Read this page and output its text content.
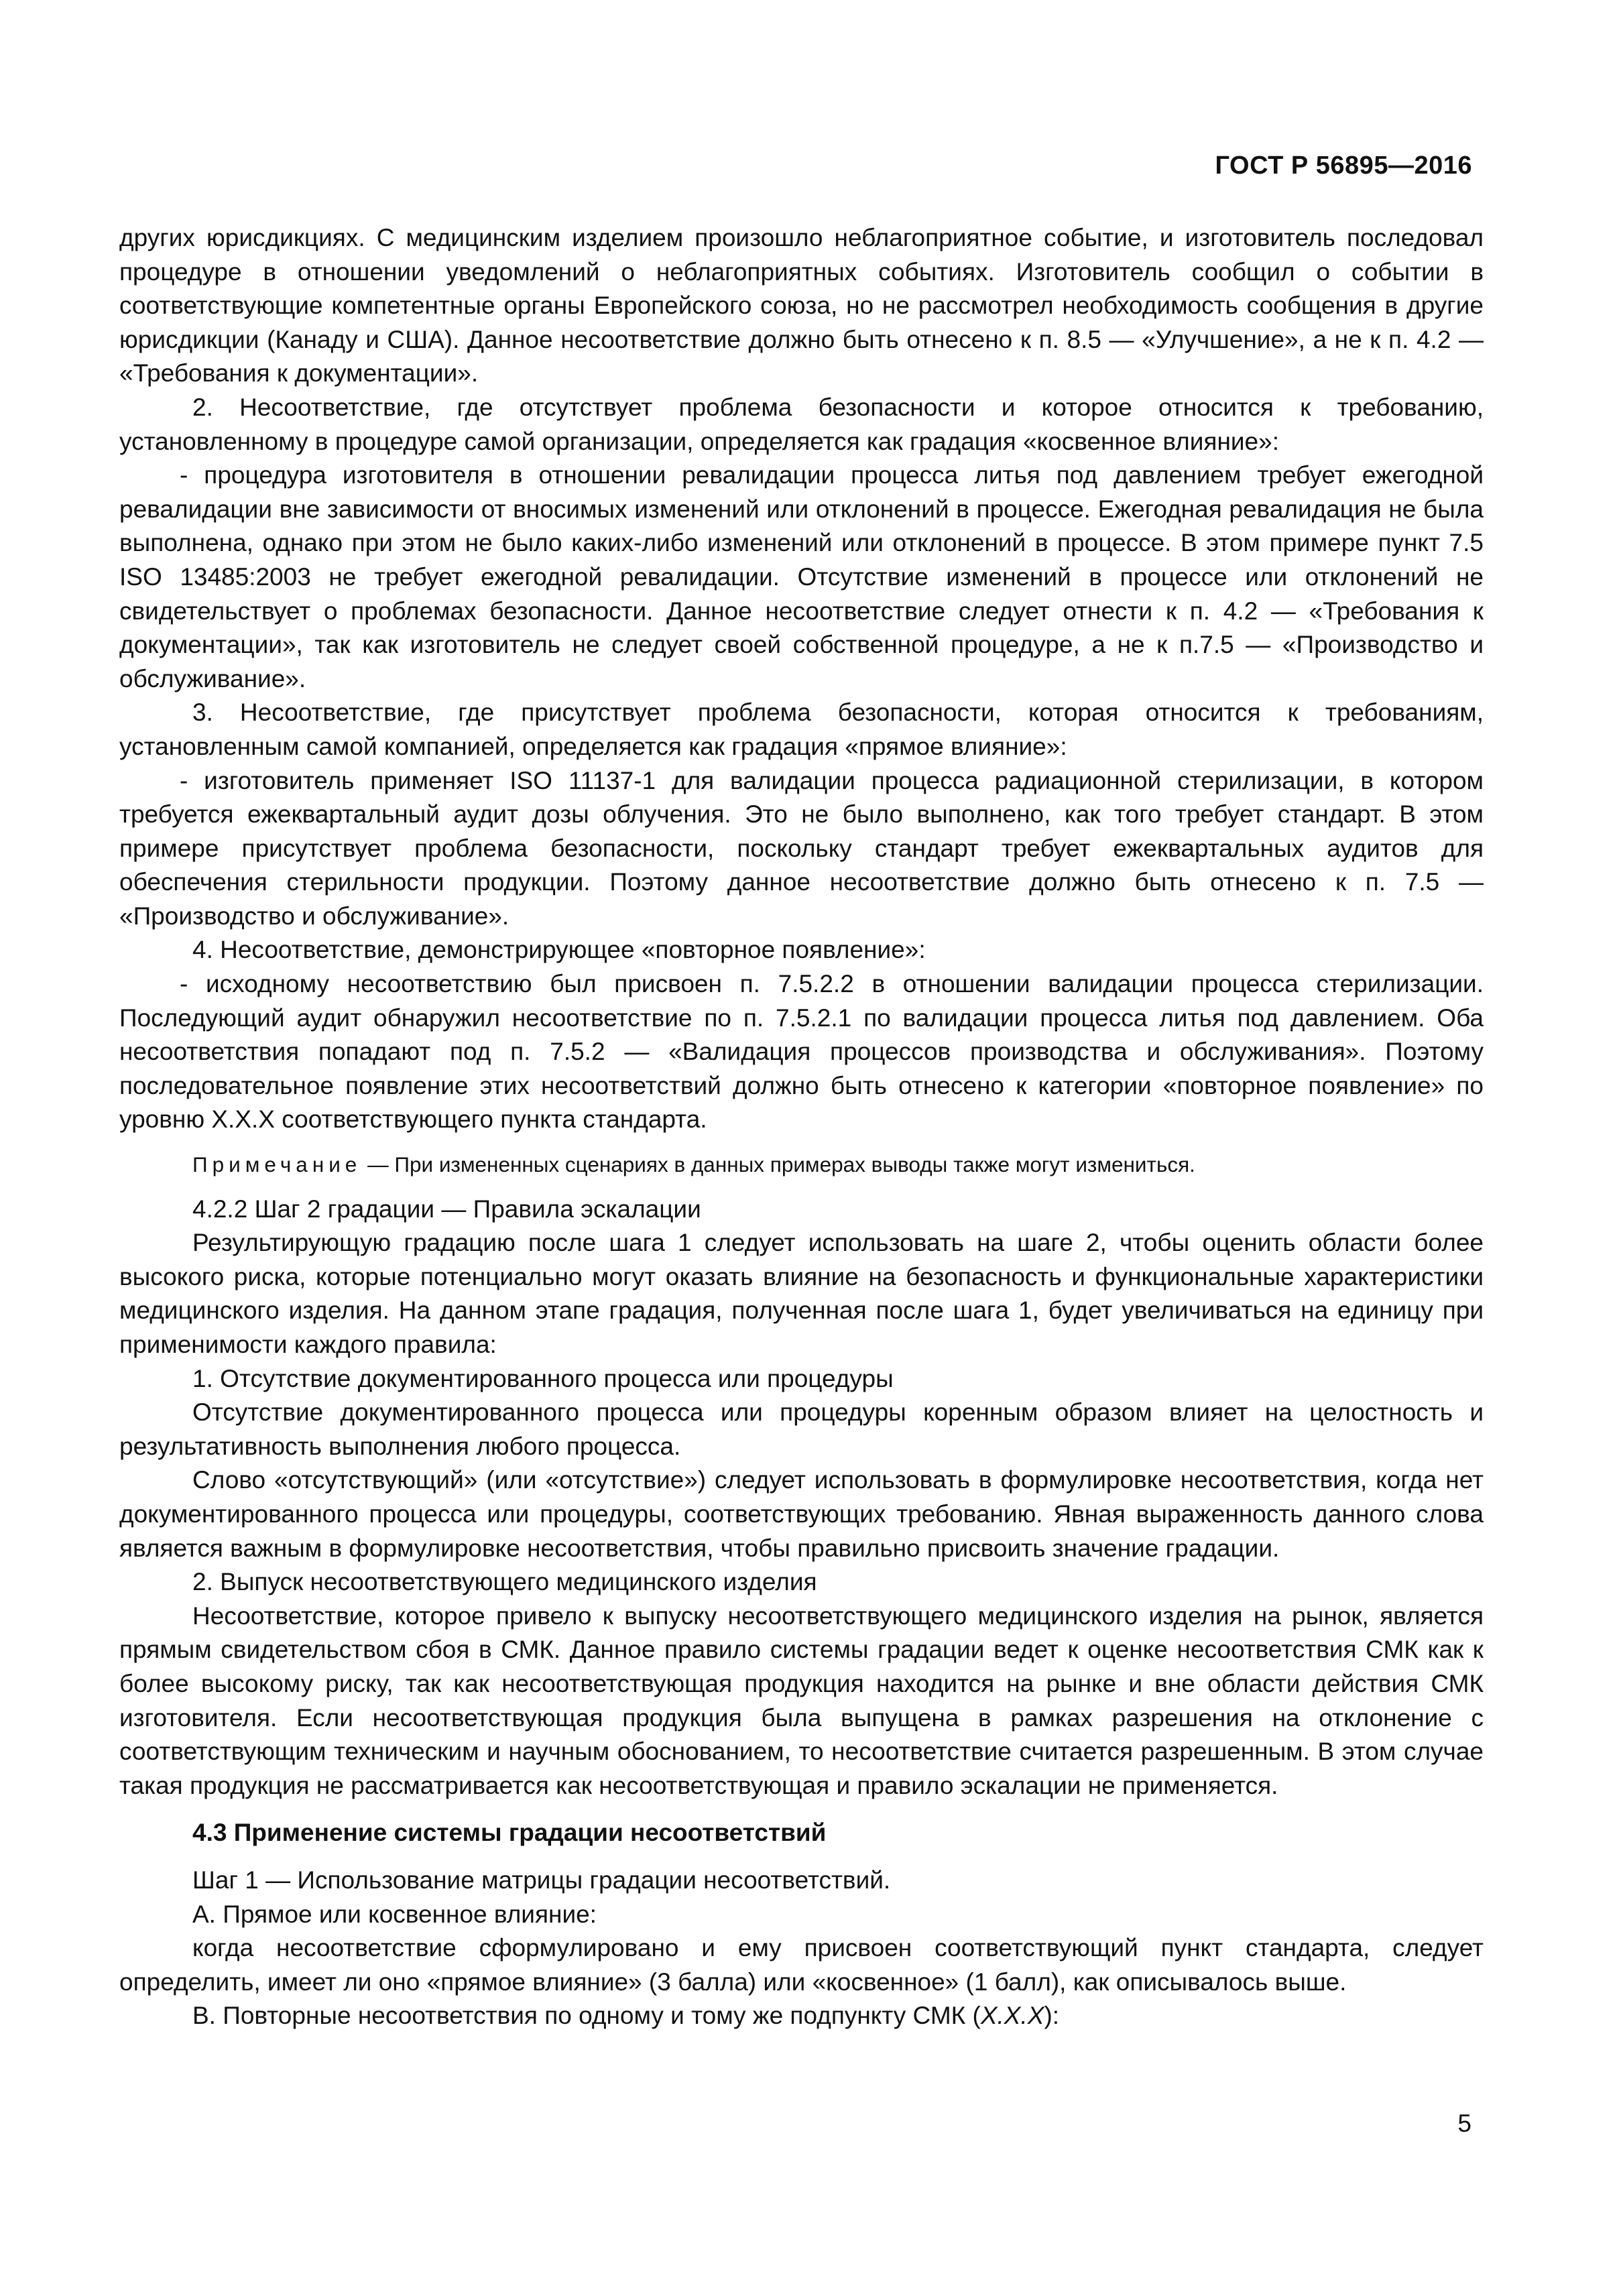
ГОСТ Р 56895—2016

других юрисдикциях. С медицинским изделием произошло неблагоприятное событие, и изготовитель последовал процедуре в отношении уведомлений о неблагоприятных событиях. Изготовитель сообщил о событии в соответствующие компетентные органы Европейского союза, но не рассмотрел необходимость сообщения в другие юрисдикции (Канаду и США). Данное несоответствие должно быть отнесено к п. 8.5 — «Улучшение», а не к п. 4.2 — «Требования к документации».

2. Несоответствие, где отсутствует проблема безопасности и которое относится к требованию, установленному в процедуре самой организации, определяется как градация «косвенное влияние»:

- процедура изготовителя в отношении ревалидации процесса литья под давлением требует ежегодной ревалидации вне зависимости от вносимых изменений или отклонений в процессе. Ежегодная ревалидация не была выполнена, однако при этом не было каких-либо изменений или отклонений в процессе. В этом примере пункт 7.5 ISO 13485:2003 не требует ежегодной ревалидации. Отсутствие изменений в процессе или отклонений не свидетельствует о проблемах безопасности. Данное несоответствие следует отнести к п. 4.2 — «Требования к документации», так как изготовитель не следует своей собственной процедуре, а не к п.7.5 — «Производство и обслуживание».

3. Несоответствие, где присутствует проблема безопасности, которая относится к требованиям, установленным самой компанией, определяется как градация «прямое влияние»:

- изготовитель применяет ISO 11137-1 для валидации процесса радиационной стерилизации, в котором требуется ежеквартальный аудит дозы облучения. Это не было выполнено, как того требует стандарт. В этом примере присутствует проблема безопасности, поскольку стандарт требует ежеквартальных аудитов для обеспечения стерильности продукции. Поэтому данное несоответствие должно быть отнесено к п. 7.5 — «Производство и обслуживание».

4. Несоответствие, демонстрирующее «повторное появление»:

- исходному несоответствию был присвоен п. 7.5.2.2 в отношении валидации процесса стерилизации. Последующий аудит обнаружил несоответствие по п. 7.5.2.1 по валидации процесса литья под давлением. Оба несоответствия попадают под п. 7.5.2 — «Валидация процессов производства и обслуживания». Поэтому последовательное появление этих несоответствий должно быть отнесено к категории «повторное появление» по уровню Х.Х.Х соответствующего пункта стандарта.

Примечание — При измененных сценариях в данных примерах выводы также могут измениться.

4.2.2 Шаг 2 градации — Правила эскалации

Результирующую градацию после шага 1 следует использовать на шаге 2, чтобы оценить области более высокого риска, которые потенциально могут оказать влияние на безопасность и функциональные характеристики медицинского изделия. На данном этапе градация, полученная после шага 1, будет увеличиваться на единицу при применимости каждого правила:

1. Отсутствие документированного процесса или процедуры

Отсутствие документированного процесса или процедуры коренным образом влияет на целостность и результативность выполнения любого процесса.

Слово «отсутствующий» (или «отсутствие») следует использовать в формулировке несоответствия, когда нет документированного процесса или процедуры, соответствующих требованию. Явная выраженность данного слова является важным в формулировке несоответствия, чтобы правильно присвоить значение градации.

2. Выпуск несоответствующего медицинского изделия

Несоответствие, которое привело к выпуску несоответствующего медицинского изделия на рынок, является прямым свидетельством сбоя в СМК. Данное правило системы градации ведет к оценке несоответствия СМК как к более высокому риску, так как несоответствующая продукция находится на рынке и вне области действия СМК изготовителя. Если несоответствующая продукция была выпущена в рамках разрешения на отклонение с соответствующим техническим и научным обоснованием, то несоответствие считается разрешенным. В этом случае такая продукция не рассматривается как несоответствующая и правило эскалации не применяется.

4.3 Применение системы градации несоответствий

Шаг 1 — Использование матрицы градации несоответствий.

А. Прямое или косвенное влияние:

когда несоответствие сформулировано и ему присвоен соответствующий пункт стандарта, следует определить, имеет ли оно «прямое влияние» (3 балла) или «косвенное» (1 балл), как описывалось выше.

В. Повторные несоответствия по одному и тому же подпункту СМК (Х.Х.Х):

5
